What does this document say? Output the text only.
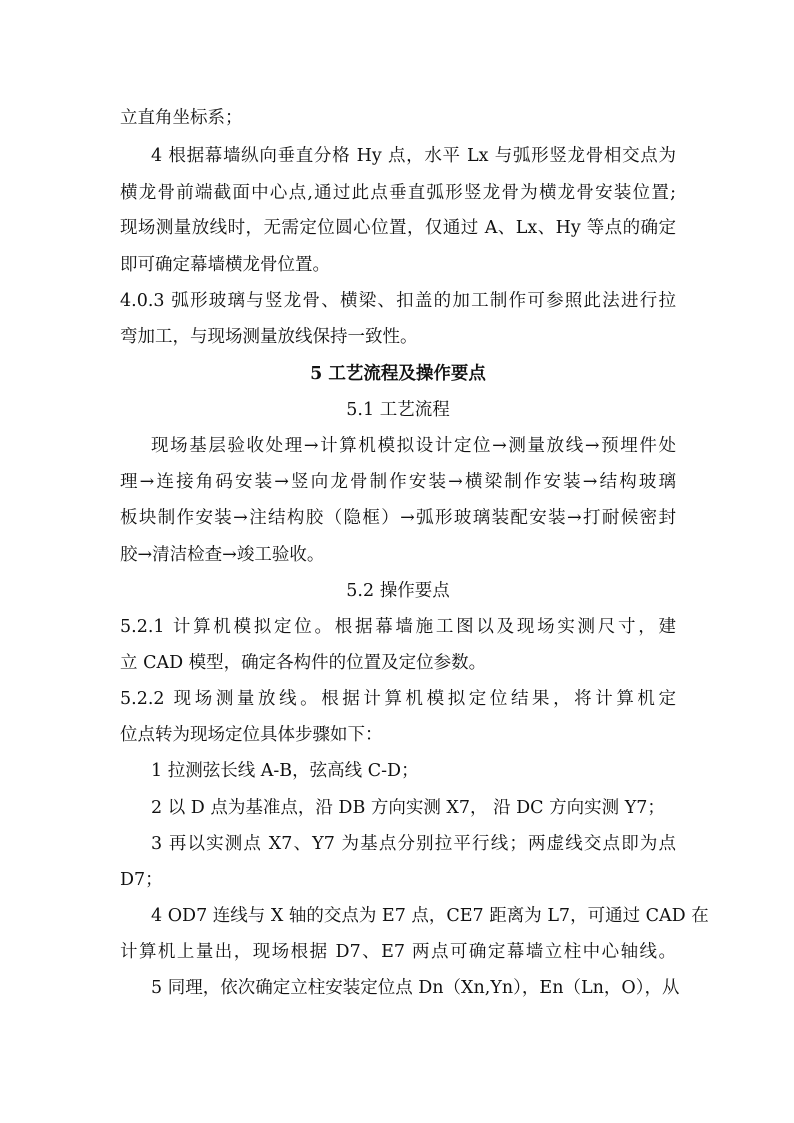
立直角坐标系；
4 根据幕墙纵向垂直分格 Hy 点，水平 Lx 与弧形竖龙骨相交点为
横龙骨前端截面中心点,通过此点垂直弧形竖龙骨为横龙骨安装位置;
现场测量放线时，无需定位圆心位置，仅通过 A、Lx、Hy 等点的确定
即可确定幕墙横龙骨位置。
4.0.3 弧形玻璃与竖龙骨、横梁、扣盖的加工制作可参照此法进行拉
弯加工，与现场测量放线保持一致性。
5 工艺流程及操作要点
5.1 工艺流程
现场基层验收处理→计算机模拟设计定位→测量放线→预埋件处
理→连接角码安装→竖向龙骨制作安装→横梁制作安装→结构玻璃
板块制作安装→注结构胶（隐框）→弧形玻璃装配安装→打耐候密封
胶→清洁检查→竣工验收。
5.2 操作要点
5.2.1 计算机模拟定位。根据幕墙施工图以及现场实测尺寸，建
立 CAD 模型，确定各构件的位置及定位参数。
5.2.2 现场测量放线。根据计算机模拟定位结果，将计算机定
位点转为现场定位具体步骤如下：
1 拉测弦长线 A-B，弦高线 C-D；
2 以 D 点为基准点，沿 DB 方向实测 X7， 沿 DC 方向实测 Y7；
3 再以实测点 X7、Y7 为基点分别拉平行线；两虚线交点即为点
D7；
4 OD7 连线与 X 轴的交点为 E7 点，CE7 距离为 L7，可通过 CAD 在
计算机上量出，现场根据 D7、E7 两点可确定幕墙立柱中心轴线。
5 同理，依次确定立柱安装定位点 Dn（Xn,Yn），En（Ln，O），从
